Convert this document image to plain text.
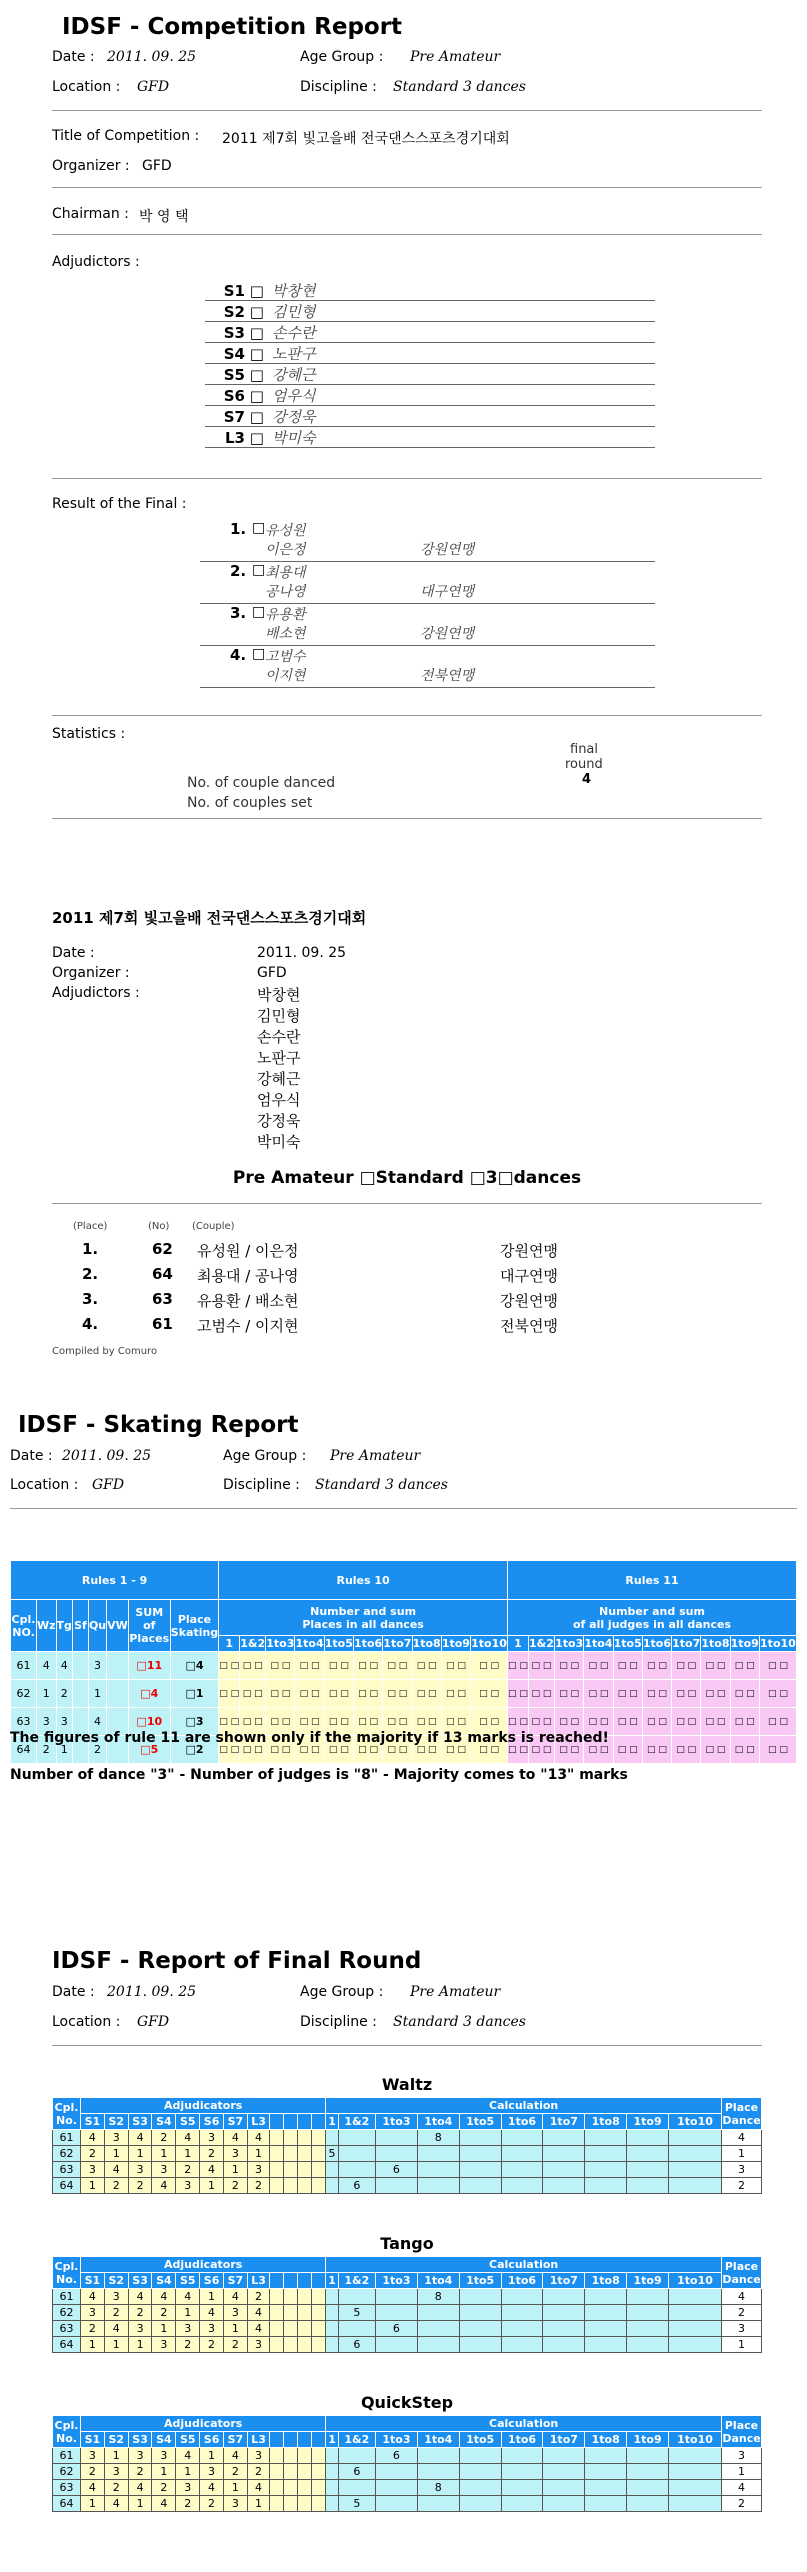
IDSF - Competition Report
Date : 2011. 09. 25	Age Group : Pre Amateur
Location : GFD	Discipline : Standard 3 dances
Title of Competition : 2011 제7회 빛고을배 전국댄스스포츠경기대회
Organizer : GFD
Chairman : 박 영 택
Adjudictors :
S1 □ 박창현
S2 □ 김민형
S3 □ 손수란
S4 □ 노판구
S5 □ 강혜근
S6 □ 엄우식
S7 □ 강정욱
L3 □ 박미숙
Result of the Final :
1. □ 유성원
이은정	강원연맹
2. □ 최용대
공나영	대구연맹
3. □ 유용환
배소현	강원연맹
4. □ 고범수
이지현	전북연맹
Statistics :
final
round
4
No. of couple danced
No. of couples set
2011 제7회 빛고을배 전국댄스스포츠경기대회
Date :	2011. 09. 25
Organizer :	GFD
Adjudictors :	박창현
김민형
손수란
노판구
강혜근
엄우식
강정욱
박미숙
Pre Amateur □Standard □3□dances
(Place)	(No) (Couple)
1.	62 유성원 / 이은정	강원연맹
2.	64 최용대 / 공나영	대구연맹
3.	63 유용환 / 배소현	강원연맹
4.	61 고범수 / 이지현	전북연맹
Compiled by Comuro
IDSF - Skating Report
Date : 2011. 09. 25	Age Group : Pre Amateur
Location : GFD	Discipline : Standard 3 dances
Rules 1 - 9								Rules 10										Rules 11									
Cpl. NO.	Wz	Tg	Sf	Qu	VW	SUM of Places	Place Skating	Number and sum
Places in all dances										Number and sum
of all judges in all dances									
								1	1&2	1to3	1to4	1to5	1to6	1to7	1to8	1to9	1to10	1	1&2	1to3	1to4	1to5	1to6	1to7	1to8	1to9	1to10
61	4	4		3		□11	□4	□ □	□ □	□ □	□ □	□ □	□ □	□ □	□ □	□ □	□ □	□ □	□ □	□ □	□ □	□ □	□ □	□ □	□ □	□ □	□ □
62	1	2		1		□4	□1	□ □	□ □	□ □	□ □	□ □	□ □	□ □	□ □	□ □	□ □	□ □	□ □	□ □	□ □	□ □	□ □	□ □	□ □	□ □	□ □
63	3	3		4		□10	□3	□ □	□ □	□ □	□ □	□ □	□ □	□ □	□ □	□ □	□ □	□ □	□ □	□ □	□ □	□ □	□ □	□ □	□ □	□ □	□ □
64	2	1		2		□5	□2	□ □	□ □	□ □	□ □	□ □	□ □	□ □	□ □	□ □	□ □	□ □	□ □	□ □	□ □	□ □	□ □	□ □	□ □	□ □	□ □
The figures of rule 11 are shown only if the majority if 13 marks is reached!
Number of dance "3" - Number of judges is "8" - Majority comes to "13" marks
IDSF - Report of Final Round
Date : 2011. 09. 25	Age Group : Pre Amateur
Location : GFD	Discipline : Standard 3 dances
Waltz
Cpl. No.	Adjudicators												Calculation										Place Dance
	S1	S2	S3	S4	S5	S6	S7	L3					1	1&2	1to3	1to4	1to5	1to6	1to7	1to8	1to9	1to10	
61	4	3	4	2	4	3	4	4								8							4
62	2	1	1	1	1	2	3	1					5										1
63	3	4	3	3	2	4	1	3							6								3
64	1	2	2	4	3	1	2	2						6									2
Tango
Cpl. No.	Adjudicators												Calculation										Place Dance
	S1	S2	S3	S4	S5	S6	S7	L3					1	1&2	1to3	1to4	1to5	1to6	1to7	1to8	1to9	1to10	
61	4	3	4	4	4	1	4	2								8							4
62	3	2	2	2	1	4	3	4						5									2
63	2	4	3	1	3	3	1	4							6								3
64	1	1	1	3	2	2	2	3						6									1
QuickStep
Cpl. No.	Adjudicators												Calculation										Place Dance
	S1	S2	S3	S4	S5	S6	S7	L3					1	1&2	1to3	1to4	1to5	1to6	1to7	1to8	1to9	1to10	
61	3	1	3	3	4	1	4	3							6								3
62	2	3	2	1	1	3	2	2						6									1
63	4	2	4	2	3	4	1	4								8							4
64	1	4	1	4	2	2	3	1						5									2
